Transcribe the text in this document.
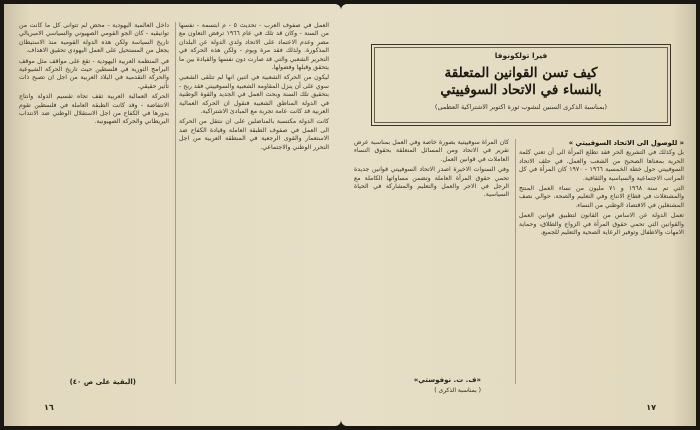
العمل في صفوف العرب - تحديث ٥ - م ابتسمة - نفسها من السنة - وكان قد تلك في عام ١٩٦٦ ترفض التعاون مع مصر وعدم الاعتماد على الاتحاد ولدي الدولة عن البلدان المذكورة. ولذلك فقد مرة ويوم - ولكن هذه الحركة في التحرير الشعبي والتي قد صارت دون نفسها والقيادة بين ما يتحقق وقبلها وفضولها.

ليكون من الحركة الشعبية في اثنين انها لم تتلقى الشعبي سوي على أن ينزل المقاومة الشعبية والسوفييتي فقد ربح - بتحقيق تلك السنة وبحث العمل في الجديد والقوة الوطنية في الدولة المناطق الشعبية فنقول ان الحركة العمالية العربية قد كانت عامة تجربة مع المبادئ الاشتراكية.

كانت الدولة مكتسبة بالمناضلين على ان ننتقل من الحركة الى العمل في صفوف الطبقة العاملة وقيادة الكفاح ضد الاستعمار والقوى الرجعية في المنطقة العربية من اجل التحرر الوطني والاجتماعي.

داخل العالمية اليهودية - محض لم تتوانى كل ما كانت من توانيقيه - كان الجو القومي الصهيوني والسياسي الامبريالي تاريخ السياسة ولكن هذه الدولة القومية منذ الاستيطان يجعل من المستحيل على العمل اليهودي تحقيق الاهداف.

في المنظمة العربية اليهودية - تقع على مواقف مثل موقف البرامج الثورية في فلسطين حيث تاريخ الحركة الشيوعية والحركة التقدمية في البلاد العربية من اجل ان تصبح ذات تأثير حقيقي.

الحركة العمالية العربية تقف تجاه تقسيم الدولة وانتاج الانتفاضة - وقد كانت الطبقة العاملة في فلسطين تقوم بدورها في الكفاح من اجل الاستقلال الوطني ضد الانتداب البريطاني والحركة الصهيونية.

(البقية على ص ٤٠)
١٦
فيرا تولكونوفا
كيف تسن القوانين المتعلقة
بالنساء في الاتحاد السوفييتي
(بمناسبة الذكرى السنين لنشوب ثورة اكتوبر الاشتراكية العظمى)

« للوصول الى الاتحاد السوفييتي »

بل وكذلك في التشريع الحر فقد تطلع المرأة الى أن تعني كلمة الحرية بمعناها الصحيح من الشعب والعمل. في حلف الاتحاد السوفييتي حول خطة الخمسية ١٩٦٦ - ١٩٧٠ كان المرأة في كل المراتب الاجتماعية والسياسية والثقافية.

التي تم سنة ١٩٦٨ و ٧١ مليون من نساء العمل المنتج والمشتغلات في قطاع الانتاج وفي التعليم والصحة، حوالي نصف المشتغلين في الاقتصاد الوطني من النساء.

تعمل الدولة عن الاساس من القانون لتطبيق قوانين العمل والقوانين التي تحمي حقوق المرأة في الزواج والطلاق، وحماية الامهات والاطفال وتوفير الرعاية الصحية والتعليم للجميع.

كان المراة سوفييتية بصورة خاصة وفي العمل بمناسبة عرض تقرير في الاتحاد ومن المسائل المتعلقة بحقوق النساء العاملات في قوانين العمل.

وفي السنوات الاخيرة اصدر الاتحاد السوفييتي قوانين جديدة تحمي حقوق المرأة العاملة وتضمن مساواتها الكاملة مع الرجل في الاجر والعمل والتعليم والمشاركة في الحياة السياسية.

«ف. ت. نوفوستي»
( بمناسبة الذكرى )
١٧
